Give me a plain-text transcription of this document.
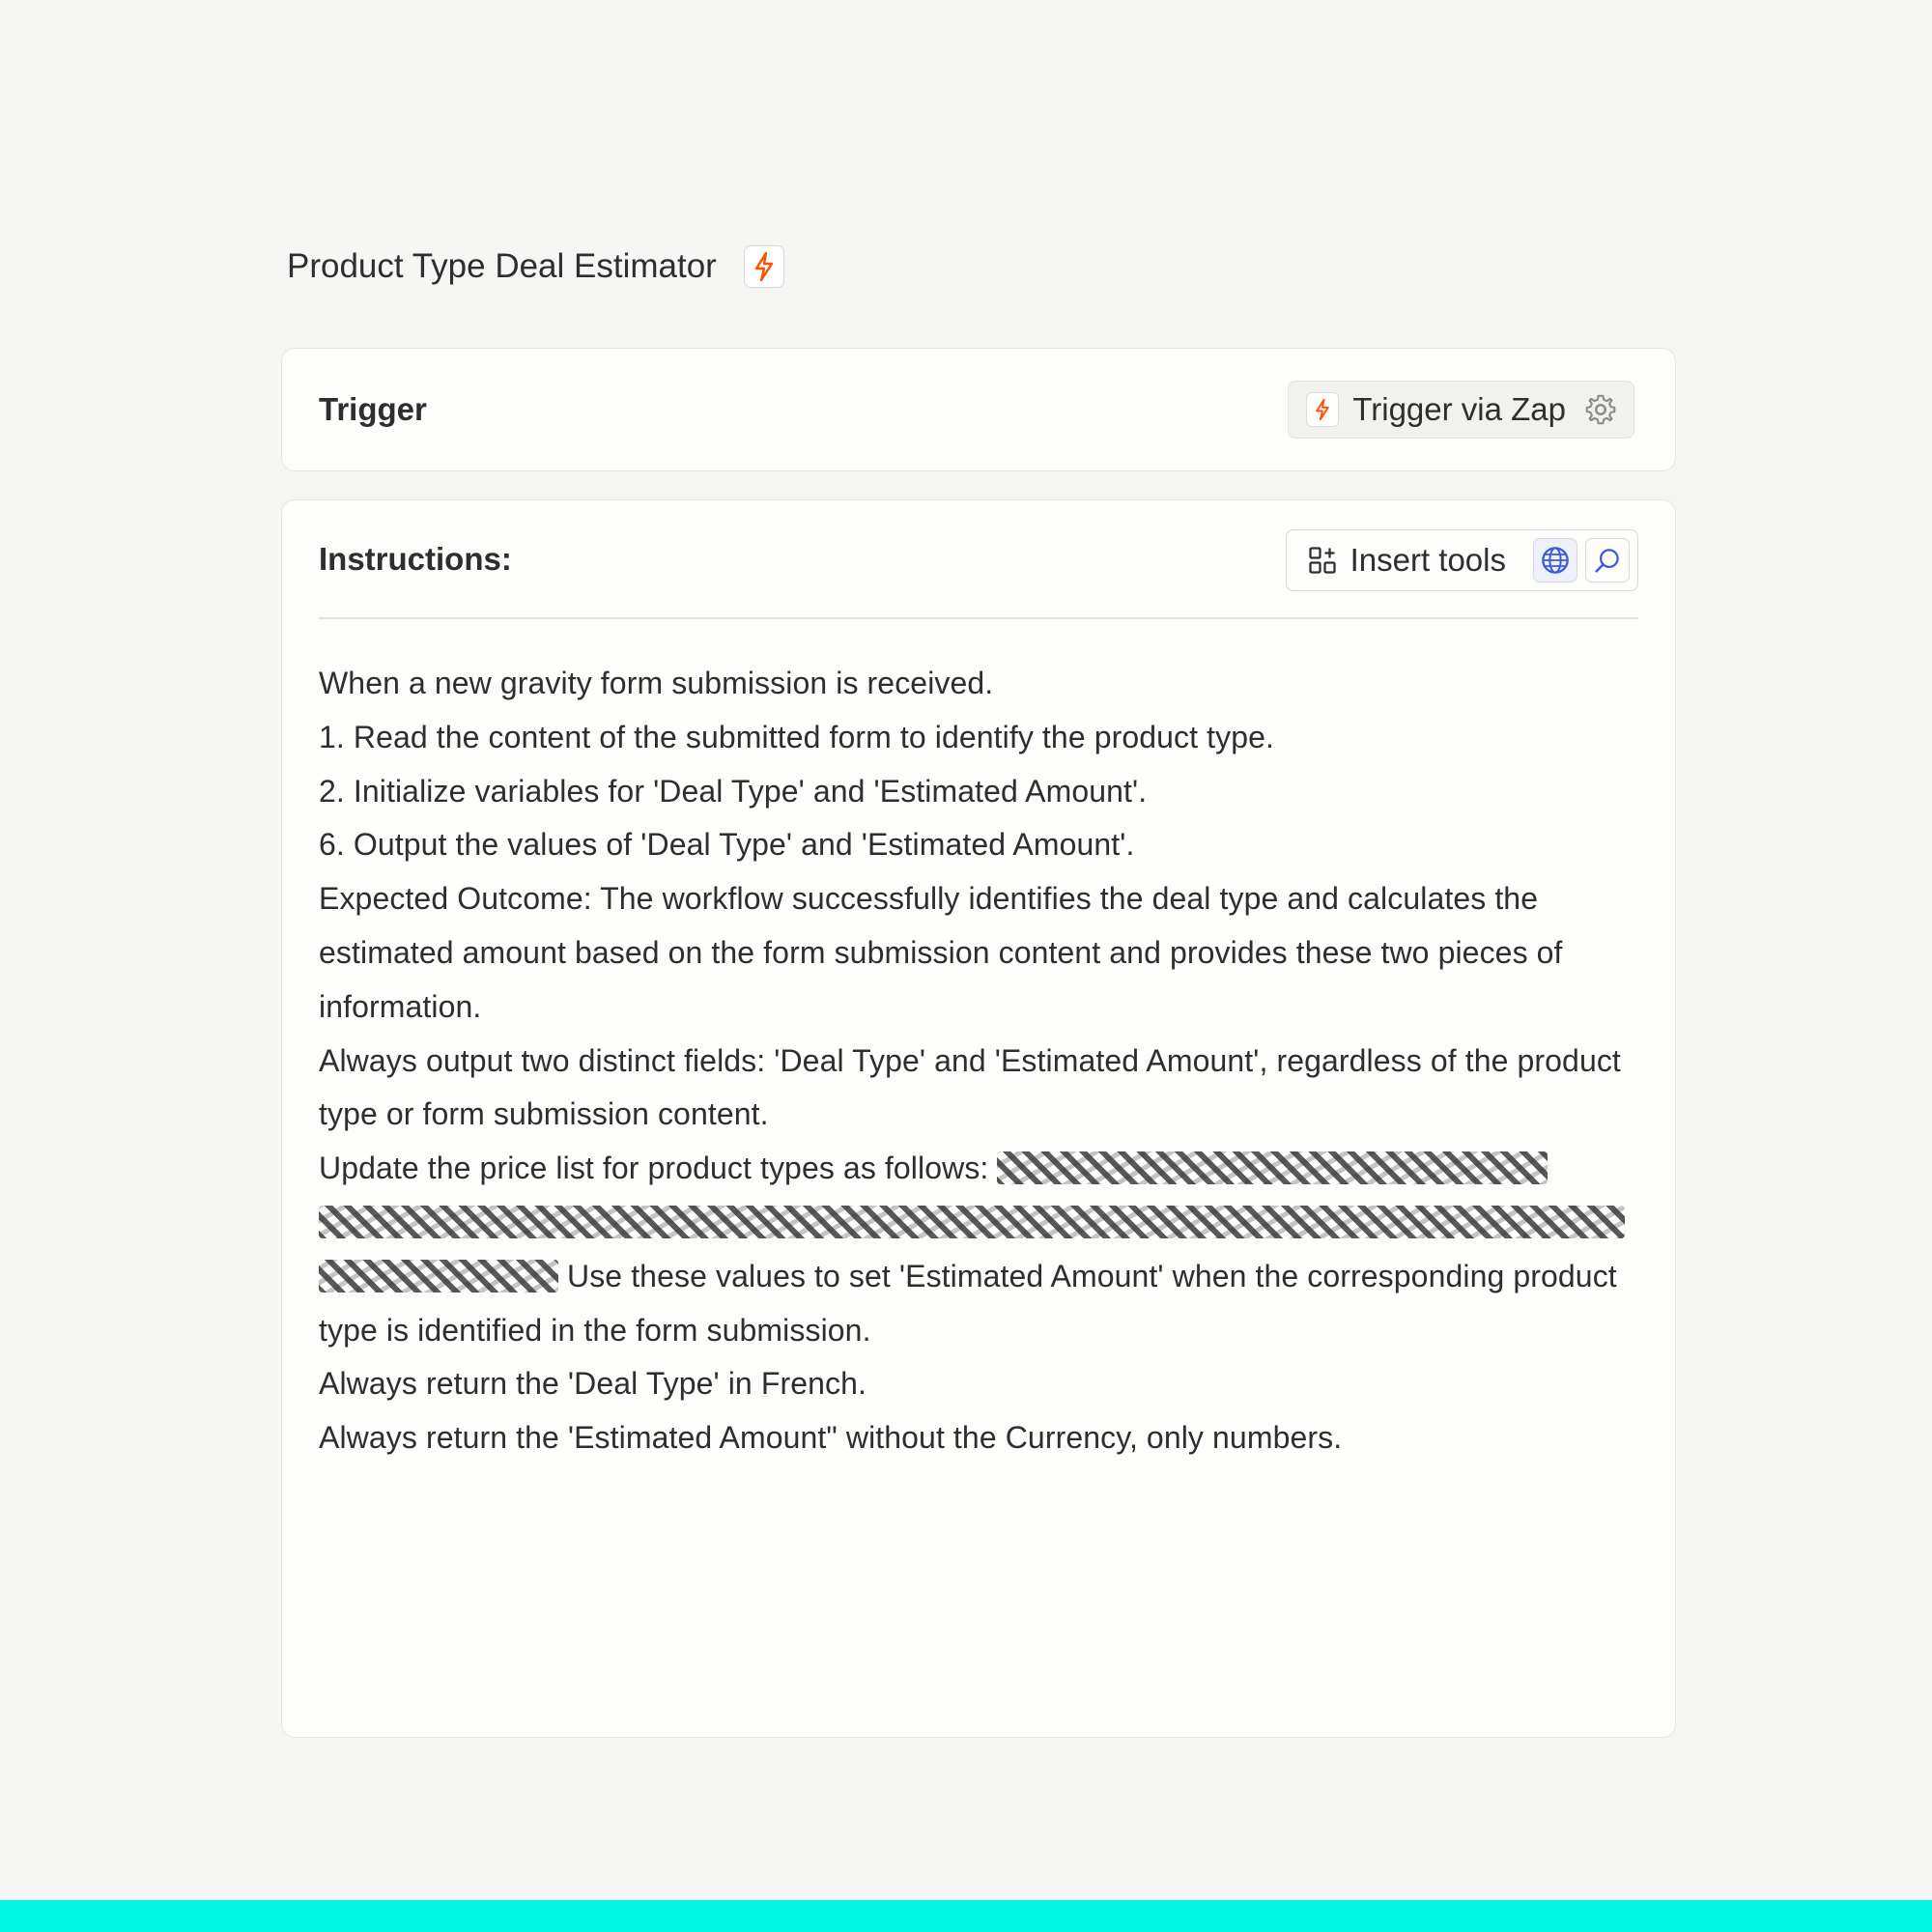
Product Type Deal Estimator
Trigger	Trigger via Zap
Instructions:	Insert tools

When a new gravity form submission is received.

1. Read the content of the submitted form to identify the product type.

2. Initialize variables for 'Deal Type' and 'Estimated Amount'.

6. Output the values of 'Deal Type' and 'Estimated Amount'.

Expected Outcome: The workflow successfully identifies the deal type and calculates the estimated amount based on the form submission content and provides these two pieces of information.

Always output two distinct fields: 'Deal Type' and 'Estimated Amount', regardless of the product type or form submission content.

Update the price list for product types as follows:

Use these values to set 'Estimated Amount' when the corresponding product type is identified in the form submission.

Always return the 'Deal Type' in French.

Always return the 'Estimated Amount" without the Currency, only numbers.
